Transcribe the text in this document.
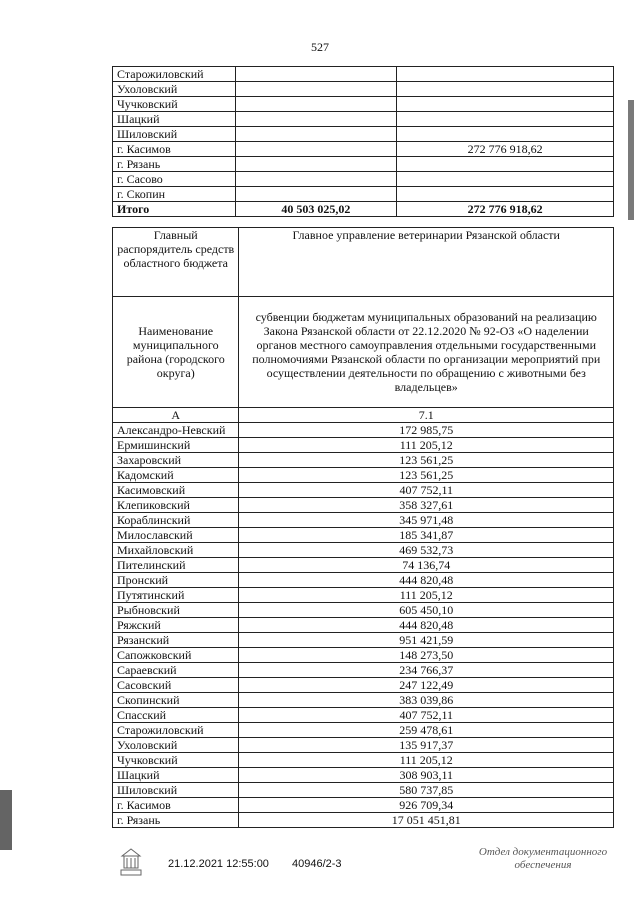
527
Старожиловский		
Ухоловский		
Чучковский		
Шацкий		
Шиловский		
г. Касимов		272 776 918,62
г. Рязань		
г. Сасово		
г. Скопин		
Итого	40 503 025,02	272 776 918,62
Главный распорядитель средств областного бюджета	Главное управление ветеринарии Рязанской области
Наименование муниципального района (городского округа)	субвенции бюджетам муниципальных образований на реализацию Закона Рязанской области от 22.12.2020 № 92-ОЗ «О наделении органов местного самоуправления отдельными государственными полномочиями Рязанской области по организации мероприятий при осуществлении деятельности по обращению с животными без владельцев»
А	7.1
Александро-Невский	172 985,75
Ермишинский	111 205,12
Захаровский	123 561,25
Кадомский	123 561,25
Касимовский	407 752,11
Клепиковский	358 327,61
Кораблинский	345 971,48
Милославский	185 341,87
Михайловский	469 532,73
Пителинский	74 136,74
Пронский	444 820,48
Путятинский	111 205,12
Рыбновский	605 450,10
Ряжский	444 820,48
Рязанский	951 421,59
Сапожковский	148 273,50
Сараевский	234 766,37
Сасовский	247 122,49
Скопинский	383 039,86
Спасский	407 752,11
Старожиловский	259 478,61
Ухоловский	135 917,37
Чучковский	111 205,12
Шацкий	308 903,11
Шиловский	580 737,85
г. Касимов	926 709,34
г. Рязань	17 051 451,81
21.12.2021 12:55:00 40946/2-3
Отдел документационного
обеспечения
